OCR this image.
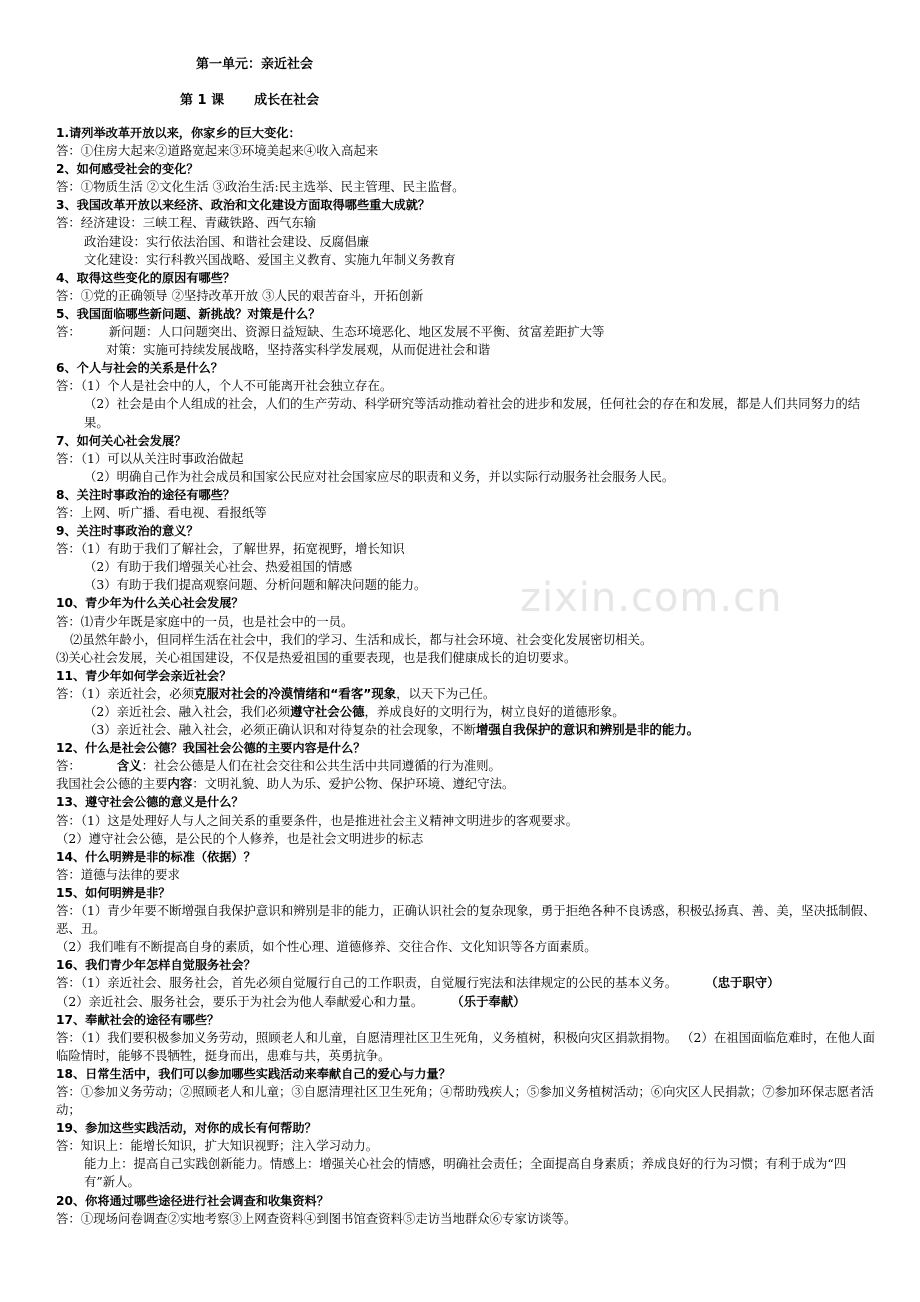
zixin.com.cn
第一单元：亲近社会
第 1 课 成长在社会
1.请列举改革开放以来，你家乡的巨大变化：
答：①住房大起来②道路宽起来③环境美起来④收入高起来
2、如何感受社会的变化？
答：①物质生活 ②文化生活 ③政治生活:民主选举、民主管理、民主监督。
3、我国改革开放以来经济、政治和文化建设方面取得哪些重大成就？
答：经济建设：三峡工程、青藏铁路、西气东输
政治建设：实行依法治国、和谐社会建设、反腐倡廉
文化建设：实行科教兴国战略、爱国主义教育、实施九年制义务教育
4、取得这些变化的原因有哪些？
答：①党的正确领导 ②坚持改革开放 ③人民的艰苦奋斗，开拓创新
5、我国面临哪些新问题、新挑战？对策是什么？
答： 新问题：人口问题突出、资源日益短缺、生态环境恶化、地区发展不平衡、贫富差距扩大等
对策：实施可持续发展战略，坚持落实科学发展观，从而促进社会和谐
6、个人与社会的关系是什么？
答：（1）个人是社会中的人，个人不可能离开社会独立存在。
（2）社会是由个人组成的社会，人们的生产劳动、科学研究等活动推动着社会的进步和发展，任何社会的存在和发展，都是人们共同努力的结果。
7、如何关心社会发展？
答：（1）可以从关注时事政治做起
（2）明确自己作为社会成员和国家公民应对社会国家应尽的职责和义务，并以实际行动服务社会服务人民。
8、关注时事政治的途径有哪些？
答：上网、听广播、看电视、看报纸等
9、关注时事政治的意义？
答：（1）有助于我们了解社会，了解世界，拓宽视野，增长知识
（2）有助于我们增强关心社会、热爱祖国的情感
（3）有助于我们提高观察问题、分析问题和解决问题的能力。
10、青少年为什么关心社会发展？
答：⑴青少年既是家庭中的一员，也是社会中的一员。
⑵虽然年龄小，但同样生活在社会中，我们的学习、生活和成长，都与社会环境、社会变化发展密切相关。
⑶关心社会发展，关心祖国建设，不仅是热爱祖国的重要表现，也是我们健康成长的迫切要求。
11、青少年如何学会亲近社会？
答：（1）亲近社会，必须克服对社会的冷漠情绪和“看客”现象，以天下为己任。
（2）亲近社会、融入社会，我们必须遵守社会公德，养成良好的文明行为，树立良好的道德形象。
（3）亲近社会、融入社会，必须正确认识和对待复杂的社会现象，不断增强自我保护的意识和辨别是非的能力。
12、什么是社会公德？我国社会公德的主要内容是什么？
答：	含义：社会公德是人们在社会交往和公共生活中共同遵循的行为准则。
我国社会公德的主要内容：文明礼貌、助人为乐、爱护公物、保护环境、遵纪守法。
13、遵守社会公德的意义是什么？
答：（1）这是处理好人与人之间关系的重要条件，也是推进社会主义精神文明进步的客观要求。
（2）遵守社会公德，是公民的个人修养，也是社会文明进步的标志
14、什么明辨是非的标准（依据）？
答：道德与法律的要求
15、如何明辨是非？
答：（1）青少年要不断增强自我保护意识和辨别是非的能力，正确认识社会的复杂现象，勇于拒绝各种不良诱惑，积极弘扬真、善、美，坚决抵制假、恶、丑。
（2）我们唯有不断提高自身的素质，如个性心理、道德修养、交往合作、文化知识等各方面素质。
16、我们青少年怎样自觉服务社会？
答：（1）亲近社会、服务社会，首先必须自觉履行自己的工作职责，自觉履行宪法和法律规定的公民的基本义务。 （忠于职守）
（2）亲近社会、服务社会，要乐于为社会为他人奉献爱心和力量。 （乐于奉献）
17、奉献社会的途径有哪些？
答：（1）我们要积极参加义务劳动，照顾老人和儿童，自愿清理社区卫生死角，义务植树，积极向灾区捐款捐物。 （2）在祖国面临危难时，在他人面临险情时，能够不畏牺牲，挺身而出，患难与共，英勇抗争。
18、日常生活中，我们可以参加哪些实践活动来奉献自己的爱心与力量？
答：①参加义务劳动；②照顾老人和儿童；③自愿清理社区卫生死角；④帮助残疾人；⑤参加义务植树活动；⑥向灾区人民捐款；⑦参加环保志愿者活动；
19、参加这些实践活动，对你的成长有何帮助？
答：知识上：能增长知识，扩大知识视野；注入学习动力。
能力上：提高自己实践创新能力。情感上：增强关心社会的情感，明确社会责任；全面提高自身素质；养成良好的行为习惯；有利于成为“四有”新人。
20、你将通过哪些途径进行社会调查和收集资料？
答：①现场问卷调查②实地考察③上网查资料④到图书馆查资料⑤走访当地群众⑥专家访谈等。
